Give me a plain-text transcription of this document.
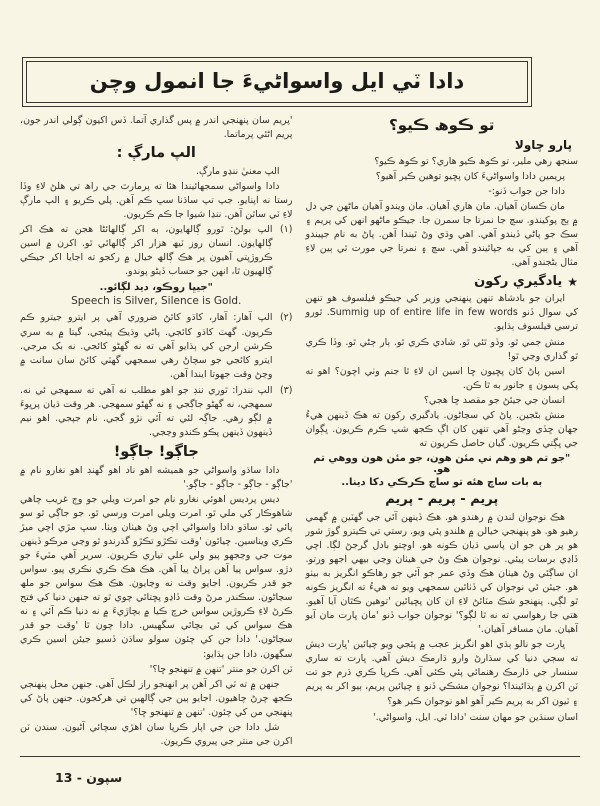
دادا ٽي ايل واسواڻيءَ جا انمول وچن
تو ڪوھ ڪيو؟
پارو چاولا

سنجھ رهي ملير، تو ڪوھ ڪيو هاري؟ تو ڪوھ ڪيو؟

پريمين دادا واسواڻيءَ کان پڇيو توهين ڪير آهيو؟

دادا جن جواب ڏنو:-

مان ڪسان آهيان. مان هاري آهيان. مان ويندو آهيان ماڻهن جي دل ۾ ٻج پوکيندو. سچ جا نمرتا جا سمرن جا. جيڪو ماڻهو انهن کي پريم ۽ سڪ جو پاڻي ڏيندو آهي. اهي وڌي وڻ ٿيندا آهن. پاڻ به نام جپيندو آهي ۽ ٻين کي به جپائيندو آهي. سچ ۽ نمرتا جي مورت ٿي ٻين لاءِ مثال بڻجندو آهي.

★
يادگيري رکون

ايران جو بادشاھ تنهن پنهنجي وزير کي جيڪو فيلسوف هو تنهن کي سوال ڏنو Summig up of entire life in few words. ٿورو ترسي فيلسوف ٻڌايو.

منش جمي ٿو. وڏو ٿئي ٿو. شادي ڪري ٿو. ٻار ڄڻي ٿو. وڏا ڪري ٿو گذاري وڃي ٿو!

اسين پاڻ کان پڇيون ڇا اسين ان لاءِ ٿا جنم وٺي اچون؟ اهو ته پکي پسون ۽ جانور به ٿا ڪن.

انسان جي جيئڻ جو مقصد ڇا هجي؟

منش بڻجين. پاڻ کي سڃاڻون. يادگيري رکون ته هڪ ڏينهن هيءُ جهان ڇڏي وڃڻو آهي تنهن کان اڳ ڪجھ شڀ ڪرم ڪريون. ڀڳوان جي ڀڳتي ڪريون. گيان حاصل ڪريون ته

"جو تم هو وهم ني مئن هون، جو مئن هون ووهي تم هو.
به بات ساچ هئه تو ساچ ڪرڪي دکا دينا..
پريم - پريم - پريم

هڪ نوجوان لندن ۾ رهندو هو. هڪ ڏينهن آئي جي گهٽين ۾ گهمي رهيو هو. هو پنهنجي خيالن ۾ هلندو پئي ويو. رستي تي ڪيترو گوڙ شور هو پر هن جو ان پاسي ڌيان ڪونه هو. اوچتو بادل گرجڻ لڳا. اچي ڏاڍي برسات پيئي. نوجوان هڪ وڻ جي هيٺان وڃي بيهي اجهو ورتو. ان ساڳئي وڻ هيٺان هڪ وڏي عمر جو آئي جو رهاڪو انگريز به بيٺو هو. جيئن ئي نوجوان کي ڏٺائين سمجهي ويو ته هيءُ ته انگريز ڪونه ٿو لڳي. پنهنجو شڪ مٽائڻ لاءِ ان کان پڇيائين 'توهين ڪٿان آيا آهيو. هتي جا رهواسي ته نه ٿا لڳو؟' نوجوان جواب ڏنو 'مان ڀارت مان آيو آهيان. مان مسافر آهيان.'

ڀارت جو نالو ٻڌي اهو انگريز عجب ۾ پئجي ويو چيائين 'ڀارت ديش ته سڄي دنيا کي سڌارڻ وارو ڌارمڪ ديش آهي. ڀارت ته ساري سنسار جي ڌارمڪ رهنمائي پئي ڪئي آهي. ڪرپا ڪري ڌرم جو تت ٽن اکرن ۾ ٻڌائيندا؟ نوجوان مشڪي ڏنو ۽ چيائين پريم، ٻيو اکر به پريم ۽ ٽيون اکر به پريم ڪير آهو اهو نوجوان ڪير هو؟

اسان سنڌين جو مهان سنت 'دادا ٽي. ايل. واسواڻي.'

'پريم سان پنهنجي اندر ۾ پس گذاري آتما. ڏس اکيون ڳولي اندر جون، پريم اڻئي پرماتما.

الپ مارڳ :

الپ معنيٰ ننڍو مارڳ.

دادا واسواڻي سمجهائيندا هئا ته پرمارٿ جي راھ تي هلڻ لاءِ وڏا رستا نه اپنايو. جپ تپ ساڌنا سڀ ڪم آهن. پلي ڪريو ۽ الپ مارڳ لاءِ ٽي ساٿن آهن. ننڍا شيوا جا ڪم ڪريون.

(١)
الپ بولڻ: ٿورو ڳالهايون، ٻه اکر ڳالهائڻا هجن ته هڪ اکر ڳالهايون. انسان روز ٽيھ هزار اکر ڳالهائي ٿو. اکرن ۾ اسين ڪروڙپتي آهيون پر هڪ ڳالھ خيال ۾ رکجو ته اجايا اکر جيڪي ڳالهيون ٿا، انهن جو حساب ڏيڻو پوندو.
"جيڀا روڪو، ديد لڳائو..
Speech is Silver, Silence is Gold.
(٢)
الپ آهار: آهار، کاڌو کائڻ ضروري آهي پر ايترو جيترو ڪم ڪريون. گهٽ کاڌو کائجي. پاڻي وڌيڪ پيئجي. گيتا ۾ به سري ڪرشن ارجن کي ٻڌايو آهي ته نه گهڻو کائجي. نه بک مرجي. ايترو کائجي جو سچاڻ رهي سمجهي گهٽي کائڻ سان سانت ۾ وڃڻ وقت جهوتا ايندا آهن.
(٣)
الپ نندرا: ٿوري ننڊ جو اهو مطلب نه آهي ته سمهجي ئي نه. سمهجي، نه گهڻو جاڳجي ۽ نه گهڻو سمهجي. هر وقت ڌيان پرڀوءَ ۾ لڳو رهي. جاڳہ لئي ته آئي نڙو گجي. نام جپجي. اهو نيم ڏينهون ڏينهن پڪو ڪندو وڃجي.
جاڳو! جاڳو!

دادا ساڌو واسواڻي جو هميشه اهو ناد اهو گهنڊ اهو نغارو نام ۾ 'جاڳو - جاڳو - جاڳو - جاڳو.'

ديس پرديس اهوئي نغارو نام جو امرت ويلي جو وڄ غريب چاهي شاهوڪار کي ملي ٿو. امرت ويلي امرت ورسي ٿو. جو جاڳي ٿو سو پائي ٿو. ساڌو دادا واسواڻي اچي وڻ هيٺان ويٺا. سڀ مڙي اچي ميڙ ڪري ويناسين. چيائون 'وقت تڪڙو تڪڙو گذرندو ٿو وڃي مرڪو ڏينهن موت جي وڃجهو پيو ولي علي تياري ڪريون. سرير آهي مٽيءَ جو دڙو. سواس پيا آهن پراڻ پيا آهن. هڪ هڪ ڪري نڪري پيو. سواس جو قدر ڪريون. اجايو وقت نه وڃايون. هڪ هڪ سواس جو ملھ سڃاڻون. سڪندر مرڻ وقت ڏاڍو پڇتائي چوي ٿو ته جنهن دنيا کي فتح ڪرڻ لاءِ ڪروڙين سواس خرچ ڪيا ۾ بچاڙيءَ ۾ نه دنيا ڪم آئي ۽ نه هڪ سواس کي ئي بچائي سگهيس. دادا چون ٿا 'وقت جو قدر سڃاڻون.' دادا جن کي چئون سولو ساڌن ڏسيو جيئن اسين ڪري سگهون. دادا جن ٻڌايو:

ٽن اکرن جو منتر 'تنهن ۾ تنهنجو ڇا؟'

جنهن ۾ ته ٽي اکر آهن پر انهنجو راز لڪل آهي. جنهن محل پنهنجي ڪجھ چرڻ چاهيون. اجايو ٻين جي ڳالهين تي هرکجون. جنهن پاڻ کي پنهنجي من کي چئون. 'تنهن ۾ تنهنجو ڇا؟'

شل دادا جن جي اپار ڪرپا سان اهڙي سچائي آڻيون. سندن ٽن اکرن جي منتر جي پيروي ڪريون.

سپون - 13
